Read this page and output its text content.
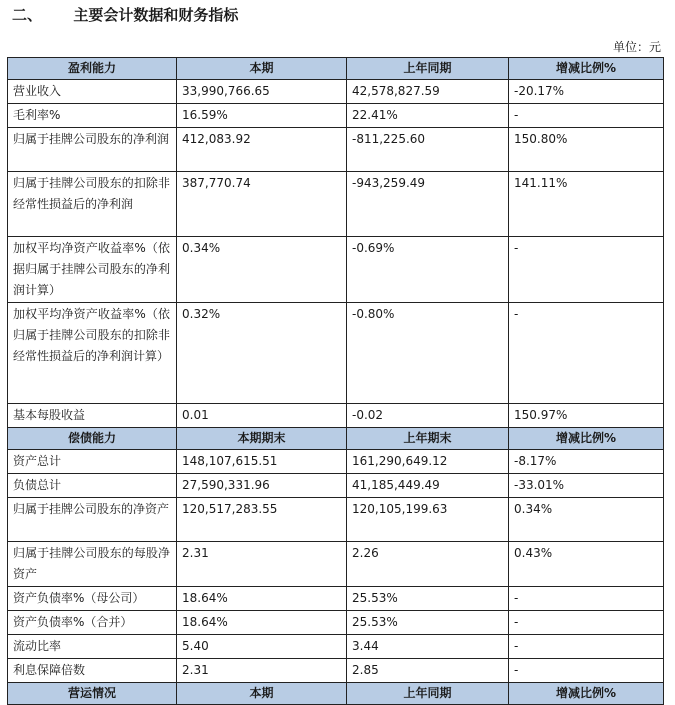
二、 主要会计数据和财务指标
单位：元
盈利能力	本期	上年同期	增减比例%
营业收入	33,990,766.65	42,578,827.59	-20.17%
毛利率%	16.59%	22.41%	-
归属于挂牌公司股东的净利润	412,083.92	-811,225.60	150.80%
归属于挂牌公司股东的扣除非经常性损益后的净利润	387,770.74	-943,259.49	141.11%
加权平均净资产收益率%（依据归属于挂牌公司股东的净利润计算）	0.34%	-0.69%	-
加权平均净资产收益率%（依归属于挂牌公司股东的扣除非经常性损益后的净利润计算）	0.32%	-0.80%	-
基本每股收益	0.01	-0.02	150.97%
偿债能力	本期期末	上年期末	增减比例%
资产总计	148,107,615.51	161,290,649.12	-8.17%
负债总计	27,590,331.96	41,185,449.49	-33.01%
归属于挂牌公司股东的净资产	120,517,283.55	120,105,199.63	0.34%
归属于挂牌公司股东的每股净资产	2.31	2.26	0.43%
资产负债率%（母公司）	18.64%	25.53%	-
资产负债率%（合并）	18.64%	25.53%	-
流动比率	5.40	3.44	-
利息保障倍数	2.31	2.85	-
营运情况	本期	上年同期	增减比例%
